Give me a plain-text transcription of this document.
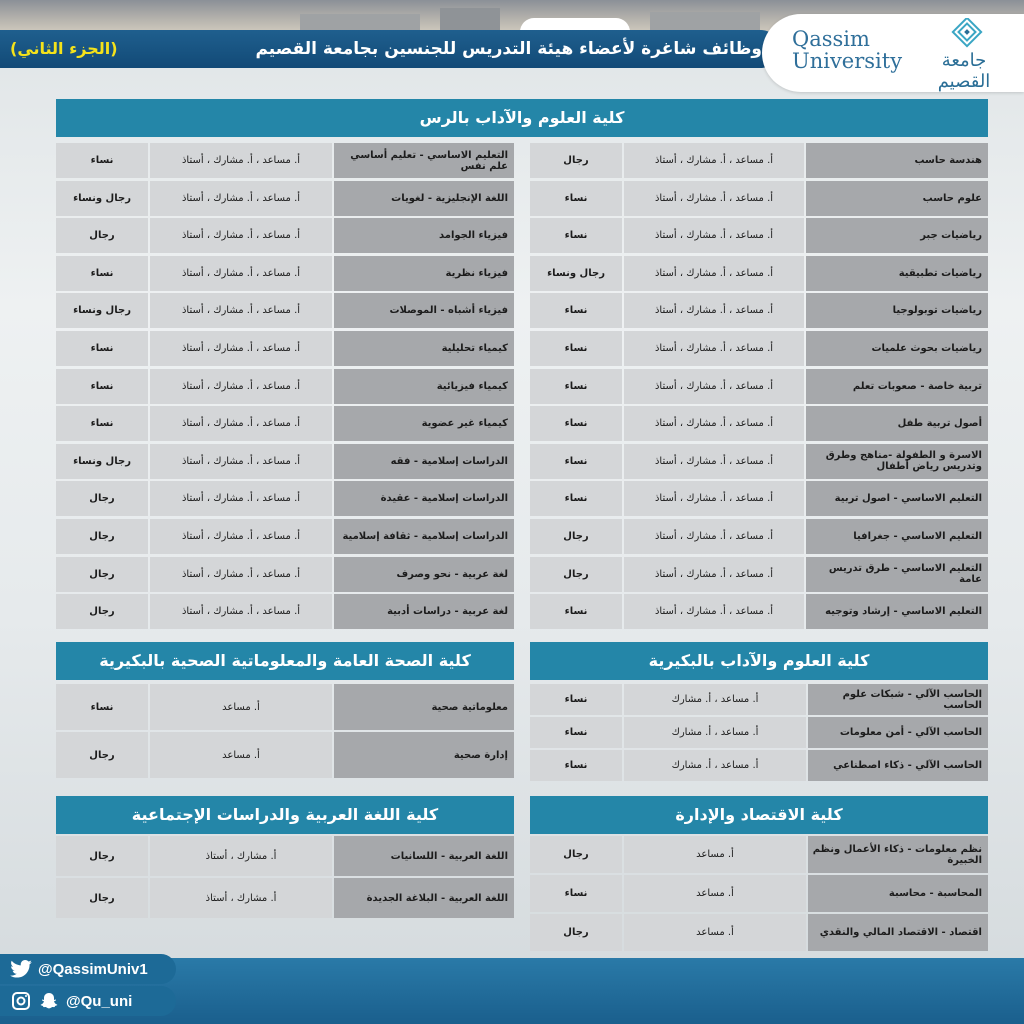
وظائف شاغرة لأعضاء هيئة التدريس للجنسين بجامعة القصيم
(الجزء الثاني)	Qassim University	جامعة القصيم
كلية العلوم والآداب بالرس
هندسة حاسب
أ. مساعد ، أ. مشارك ، أستاذ
رجال
علوم حاسب
أ. مساعد ، أ. مشارك ، أستاذ
نساء
رياضيات جبر
أ. مساعد ، أ. مشارك ، أستاذ
نساء
رياضيات تطبيقية
أ. مساعد ، أ. مشارك ، أستاذ
رجال ونساء
رياضيات توبولوجيا
أ. مساعد ، أ. مشارك ، أستاذ
نساء
رياضيات بحوث علميات
أ. مساعد ، أ. مشارك ، أستاذ
نساء
تربية خاصة - صعوبات تعلم
أ. مساعد ، أ. مشارك ، أستاذ
نساء
أصول تربية طفل
أ. مساعد ، أ. مشارك ، أستاذ
نساء
الاسرة و الطفولة -مناهج وطرق وتدريس رياض أطفال
أ. مساعد ، أ. مشارك ، أستاذ
نساء
التعليم الاساسي - اصول تربية
أ. مساعد ، أ. مشارك ، أستاذ
نساء
التعليم الاساسي - جغرافيا
أ. مساعد ، أ. مشارك ، أستاذ
رجال
التعليم الاساسي - طرق تدريس عامة
أ. مساعد ، أ. مشارك ، أستاذ
رجال
التعليم الاساسي - إرشاد وتوجيه
أ. مساعد ، أ. مشارك ، أستاذ
نساء
التعليم الاساسي - تعليم أساسي علم نفس
أ. مساعد ، أ. مشارك ، أستاذ
نساء
اللغة الإنجليزية - لغويات
أ. مساعد ، أ. مشارك ، أستاذ
رجال ونساء
فيزياء الجوامد
أ. مساعد ، أ. مشارك ، أستاذ
رجال
فيزياء نظرية
أ. مساعد ، أ. مشارك ، أستاذ
نساء
فيزياء أشباه - الموصلات
أ. مساعد ، أ. مشارك ، أستاذ
رجال ونساء
كيمياء تحليلية
أ. مساعد ، أ. مشارك ، أستاذ
نساء
كيمياء فيزيائية
أ. مساعد ، أ. مشارك ، أستاذ
نساء
كيمياء غير عضوية
أ. مساعد ، أ. مشارك ، أستاذ
نساء
الدراسات إسلامية - فقه
أ. مساعد ، أ. مشارك ، أستاذ
رجال ونساء
الدراسات إسلامية - عقيدة
أ. مساعد ، أ. مشارك ، أستاذ
رجال
الدراسات إسلامية - ثقافة إسلامية
أ. مساعد ، أ. مشارك ، أستاذ
رجال
لغة عربية - نحو وصرف
أ. مساعد ، أ. مشارك ، أستاذ
رجال
لغة عربية - دراسات أدبية
أ. مساعد ، أ. مشارك ، أستاذ
رجال
كلية العلوم والآداب بالبكيرية
الحاسب الآلي - شبكات علوم الحاسب
أ. مساعد ، أ. مشارك
نساء
الحاسب الآلي - أمن معلومات
أ. مساعد ، أ. مشارك
نساء
الحاسب الآلي - ذكاء اصطناعي
أ. مساعد ، أ. مشارك
نساء
كلية الصحة العامة والمعلوماتية الصحية بالبكيرية
معلوماتية صحية
أ. مساعد
نساء
إدارة صحية
أ. مساعد
رجال
كلية الاقتصاد والإدارة
نظم معلومات - ذكاء الأعمال ونظم الخبيرة
أ. مساعد
رجال
المحاسبة - محاسبة
أ. مساعد
نساء
اقتصاد - الاقتصاد المالي والنقدي
أ. مساعد
رجال
كلية اللغة العربية والدراسات الإجتماعية
اللغة العربية - اللسانيات
أ. مشارك ، أستاذ
رجال
اللغة العربية - البلاغة الجديدة
أ. مشارك ، أستاذ
رجال
@QassimUniv1
@Qu_uni
